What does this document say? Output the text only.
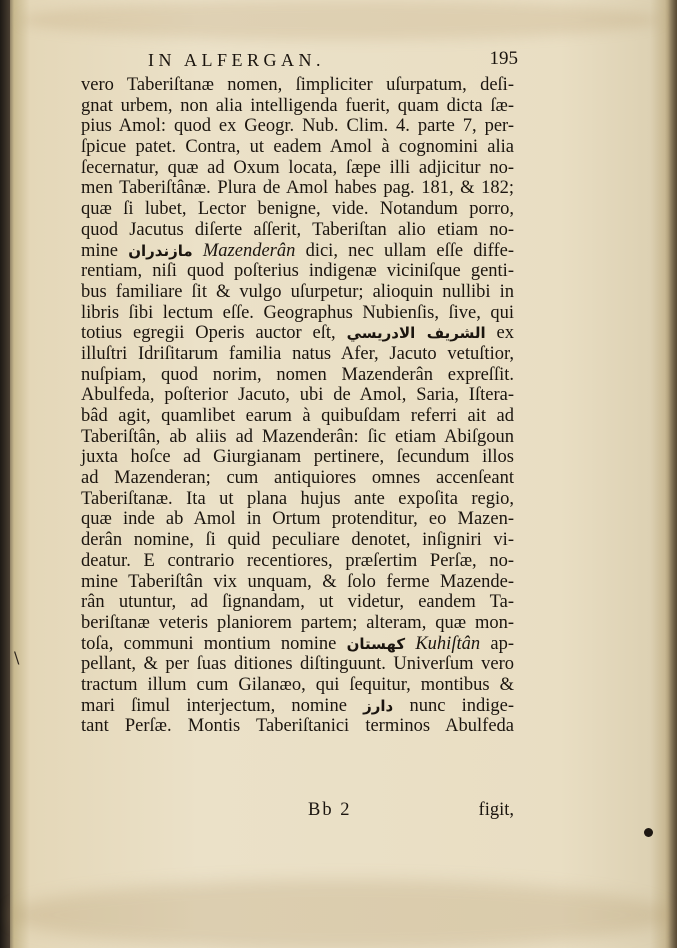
IN ALFERGAN.	195
vero Taberiſtanæ nomen, ſimpliciter uſurpatum, deſi-
gnat urbem, non alia intelligenda fuerit, quam dicta ſæ-
pius Amol: quod ex Geogr. Nub. Clim. 4. parte 7, per-
ſpicue patet. Contra, ut eadem Amol à cognomini alia
ſecernatur, quæ ad Oxum locata, ſæpe illi adjicitur no-
men Taberiſtânæ. Plura de Amol habes pag. 181, & 182;
quæ ſi lubet, Lector benigne, vide. Notandum porro,
quod Jacutus diſerte aſſerit, Taberiſtan alio etiam no-
mine مازندران Mazenderân dici, nec ullam eſſe diffe-
rentiam, niſi quod poſterius indigenæ viciniſque genti-
bus familiare ſit & vulgo uſurpetur; alioquin nullibi in
libris ſibi lectum eſſe. Geographus Nubienſis, ſive, qui
totius egregii Operis auctor eſt, الشريف الادريسي ex
illuſtri Idriſitarum familia natus Afer, Jacuto vetuſtior,
nuſpiam, quod norim, nomen Mazenderân expreſſit.
Abulfeda, poſterior Jacuto, ubi de Amol, Saria, Iſtera-
bâd agit, quamlibet earum à quibuſdam referri ait ad
Taberiſtân, ab aliis ad Mazenderân: ſic etiam Abiſgoun
juxta hoſce ad Giurgianam pertinere, ſecundum illos
ad Mazenderan; cum antiquiores omnes accenſeant
Taberiſtanæ. Ita ut plana hujus ante expoſita regio,
quæ inde ab Amol in Ortum protenditur, eo Mazen-
derân nomine, ſi quid peculiare denotet, inſigniri vi-
deatur. E contrario recentiores, præſertim Perſæ, no-
mine Taberiſtân vix unquam, & ſolo ferme Mazende-
rân utuntur, ad ſignandam, ut videtur, eandem Ta-
beriſtanæ veteris planiorem partem; alteram, quæ mon-
toſa, communi montium nomine كهستان Kuhiſtân ap-
pellant, & per ſuas ditiones diſtinguunt. Univerſum vero
tractum illum cum Gilanæo, qui ſequitur, montibus &
mari ſimul interjectum, nomine دارز nunc indige-
tant Perſæ. Montis Taberiſtanici terminos Abulfeda
\
Bb 2	figit,
